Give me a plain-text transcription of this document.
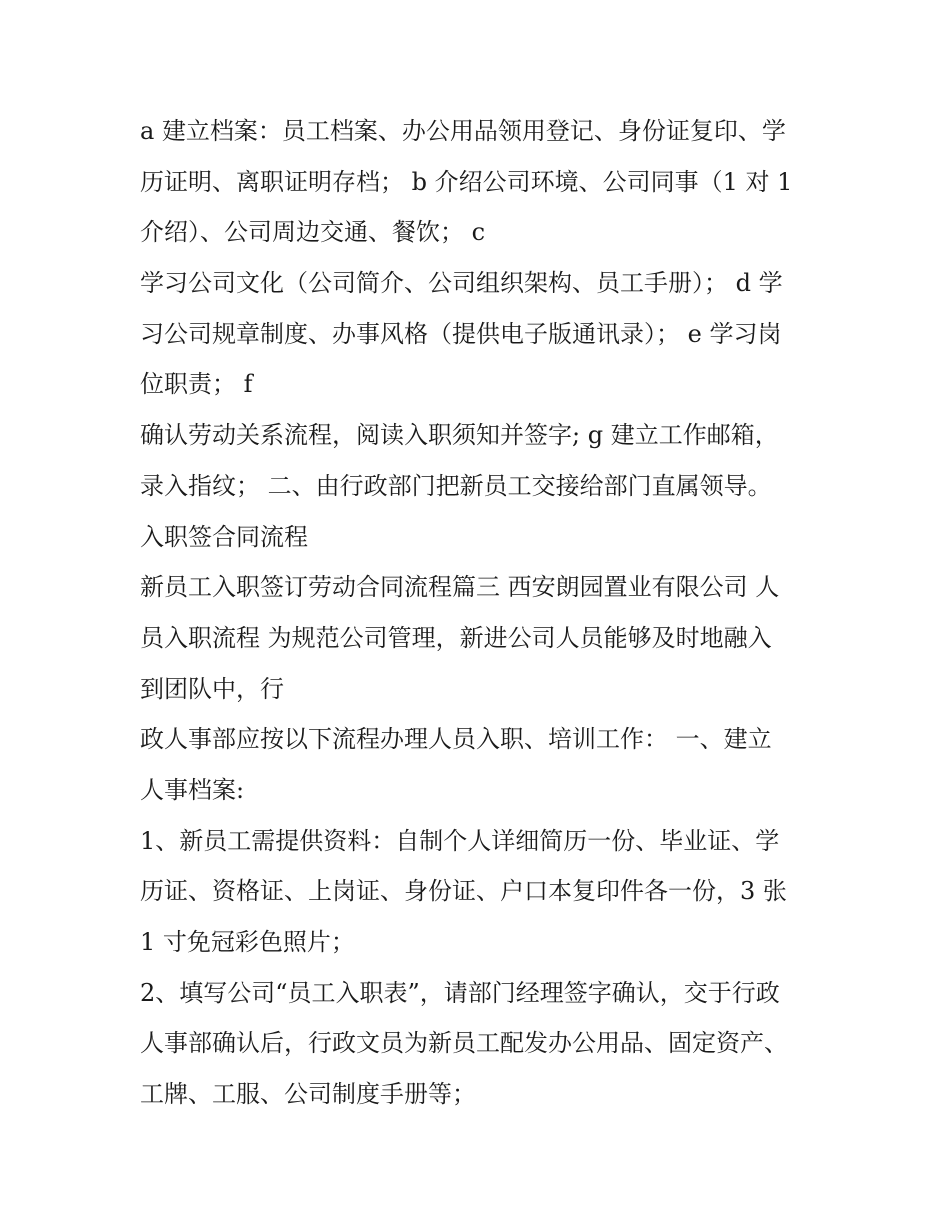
a 建立档案：员工档案、办公用品领用登记、身份证复印、学
历证明、离职证明存档； b 介绍公司环境、公司同事（1 对 1
介绍）、公司周边交通、餐饮； c
学习公司文化（公司简介、公司组织架构、员工手册）； d 学
习公司规章制度、办事风格（提供电子版通讯录）； e 学习岗
位职责； f
确认劳动关系流程，阅读入职须知并签字; g 建立工作邮箱，
录入指纹； 二、由行政部门把新员工交接给部门直属领导。
入职签合同流程
新员工入职签订劳动合同流程篇三 西安朗园置业有限公司 人
员入职流程 为规范公司管理，新进公司人员能够及时地融入
到团队中，行
政人事部应按以下流程办理人员入职、培训工作： 一、建立
人事档案:
1、新员工需提供资料：自制个人详细简历一份、毕业证、学
历证、资格证、上岗证、身份证、户口本复印件各一份，3 张
1 寸免冠彩色照片；
2、填写公司“员工入职表”，请部门经理签字确认，交于行政
人事部确认后，行政文员为新员工配发办公用品、固定资产、
工牌、工服、公司制度手册等；
